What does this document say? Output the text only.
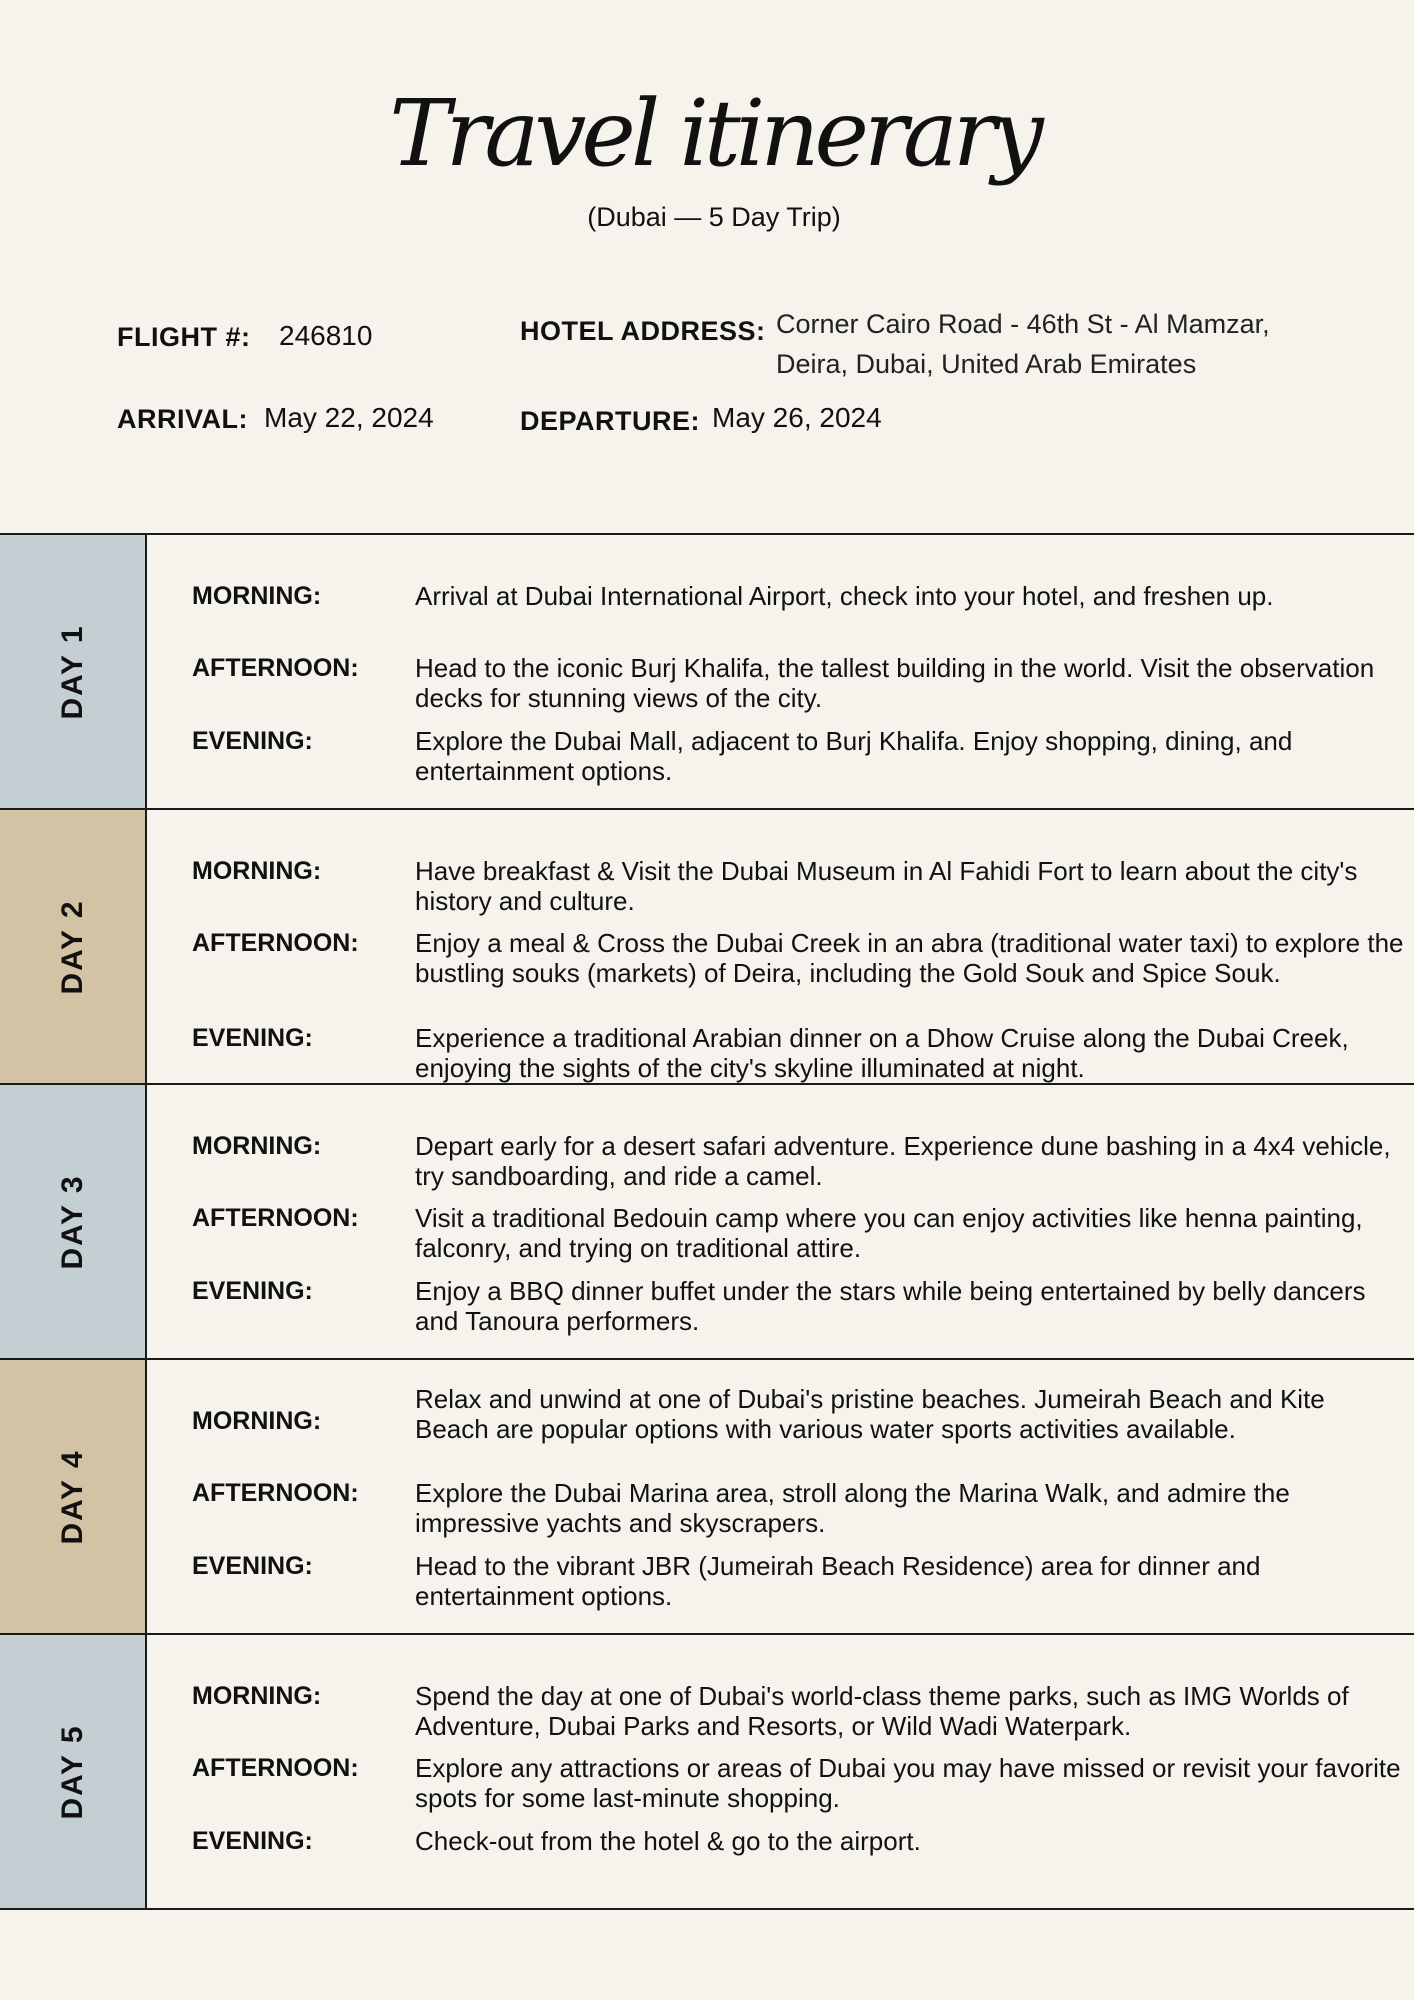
Travel itinerary
(Dubai — 5 Day Trip)
FLIGHT #: 246810
ARRIVAL: May 22, 2024
HOTEL ADDRESS: Corner Cairo Road - 46th St - Al Mamzar,
Deira, Dubai, United Arab Emirates
DEPARTURE: May 26, 2024
DAY 1
MORNING:	Arrival at Dubai International Airport, check into your hotel, and freshen up.
AFTERNOON: Head to the iconic Burj Khalifa, the tallest building in the world. Visit the observation decks for stunning views of the city.
EVENING:	Explore the Dubai Mall, adjacent to Burj Khalifa. Enjoy shopping, dining, and entertainment options.
DAY 2
MORNING:	Have breakfast & Visit the Dubai Museum in Al Fahidi Fort to learn about the city's history and culture.
AFTERNOON: Enjoy a meal & Cross the Dubai Creek in an abra (traditional water taxi) to explore the bustling souks (markets) of Deira, including the Gold Souk and Spice Souk.
EVENING:	Experience a traditional Arabian dinner on a Dhow Cruise along the Dubai Creek, enjoying the sights of the city's skyline illuminated at night.
DAY 3
MORNING:	Depart early for a desert safari adventure. Experience dune bashing in a 4x4 vehicle, try sandboarding, and ride a camel.
AFTERNOON: Visit a traditional Bedouin camp where you can enjoy activities like henna painting, falconry, and trying on traditional attire.
EVENING:	Enjoy a BBQ dinner buffet under the stars while being entertained by belly dancers and Tanoura performers.
DAY 4
MORNING:
Relax and unwind at one of Dubai's pristine beaches. Jumeirah Beach and Kite Beach are popular options with various water sports activities available.
AFTERNOON: Explore the Dubai Marina area, stroll along the Marina Walk, and admire the impressive yachts and skyscrapers.
EVENING:	Head to the vibrant JBR (Jumeirah Beach Residence) area for dinner and entertainment options.
DAY 5
MORNING:	Spend the day at one of Dubai's world-class theme parks, such as IMG Worlds of Adventure, Dubai Parks and Resorts, or Wild Wadi Waterpark.
AFTERNOON: Explore any attractions or areas of Dubai you may have missed or revisit your favorite spots for some last-minute shopping.
EVENING:	Check-out from the hotel & go to the airport.
